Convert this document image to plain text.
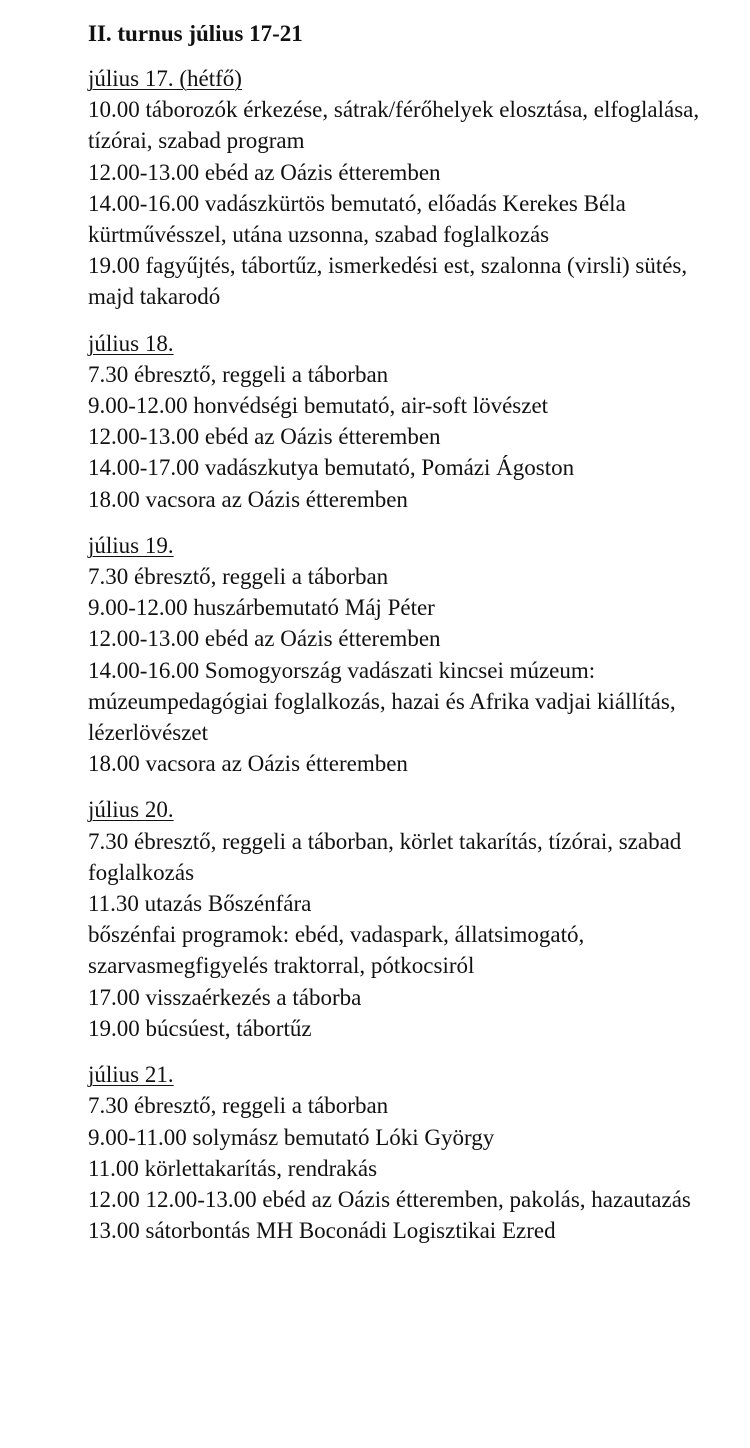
II. turnus július 17-21
július 17. (hétfő)

10.00 táborozók érkezése, sátrak/férőhelyek elosztása, elfoglalása, tízórai, szabad program

12.00-13.00 ebéd az Oázis étteremben

14.00-16.00 vadászkürtös bemutató, előadás Kerekes Béla kürtművésszel, utána uzsonna, szabad foglalkozás

19.00 fagyűjtés, tábortűz, ismerkedési est, szalonna (virsli) sütés, majd takarodó

július 18.

7.30 ébresztő, reggeli a táborban

9.00-12.00 honvédségi bemutató, air-soft lövészet

12.00-13.00 ebéd az Oázis étteremben

14.00-17.00 vadászkutya bemutató, Pomázi Ágoston

18.00 vacsora az Oázis étteremben

július 19.

7.30 ébresztő, reggeli a táborban

9.00-12.00 huszárbemutató Máj Péter

12.00-13.00 ebéd az Oázis étteremben

14.00-16.00 Somogyország vadászati kincsei múzeum: múzeumpedagógiai foglalkozás, hazai és Afrika vadjai kiállítás, lézerlövészet

18.00 vacsora az Oázis étteremben

július 20.

7.30 ébresztő, reggeli a táborban, körlet takarítás, tízórai, szabad foglalkozás

11.30 utazás Bőszénfára

bőszénfai programok: ebéd, vadaspark, állatsimogató, szarvasmegfigyelés traktorral, pótkocsiról

17.00 visszaérkezés a táborba

19.00 búcsúest, tábortűz

július 21.

7.30 ébresztő, reggeli a táborban

9.00-11.00 solymász bemutató Lóki György

11.00 körlettakarítás, rendrakás

12.00 12.00-13.00 ebéd az Oázis étteremben, pakolás, hazautazás

13.00 sátorbontás MH Boconádi Logisztikai Ezred
